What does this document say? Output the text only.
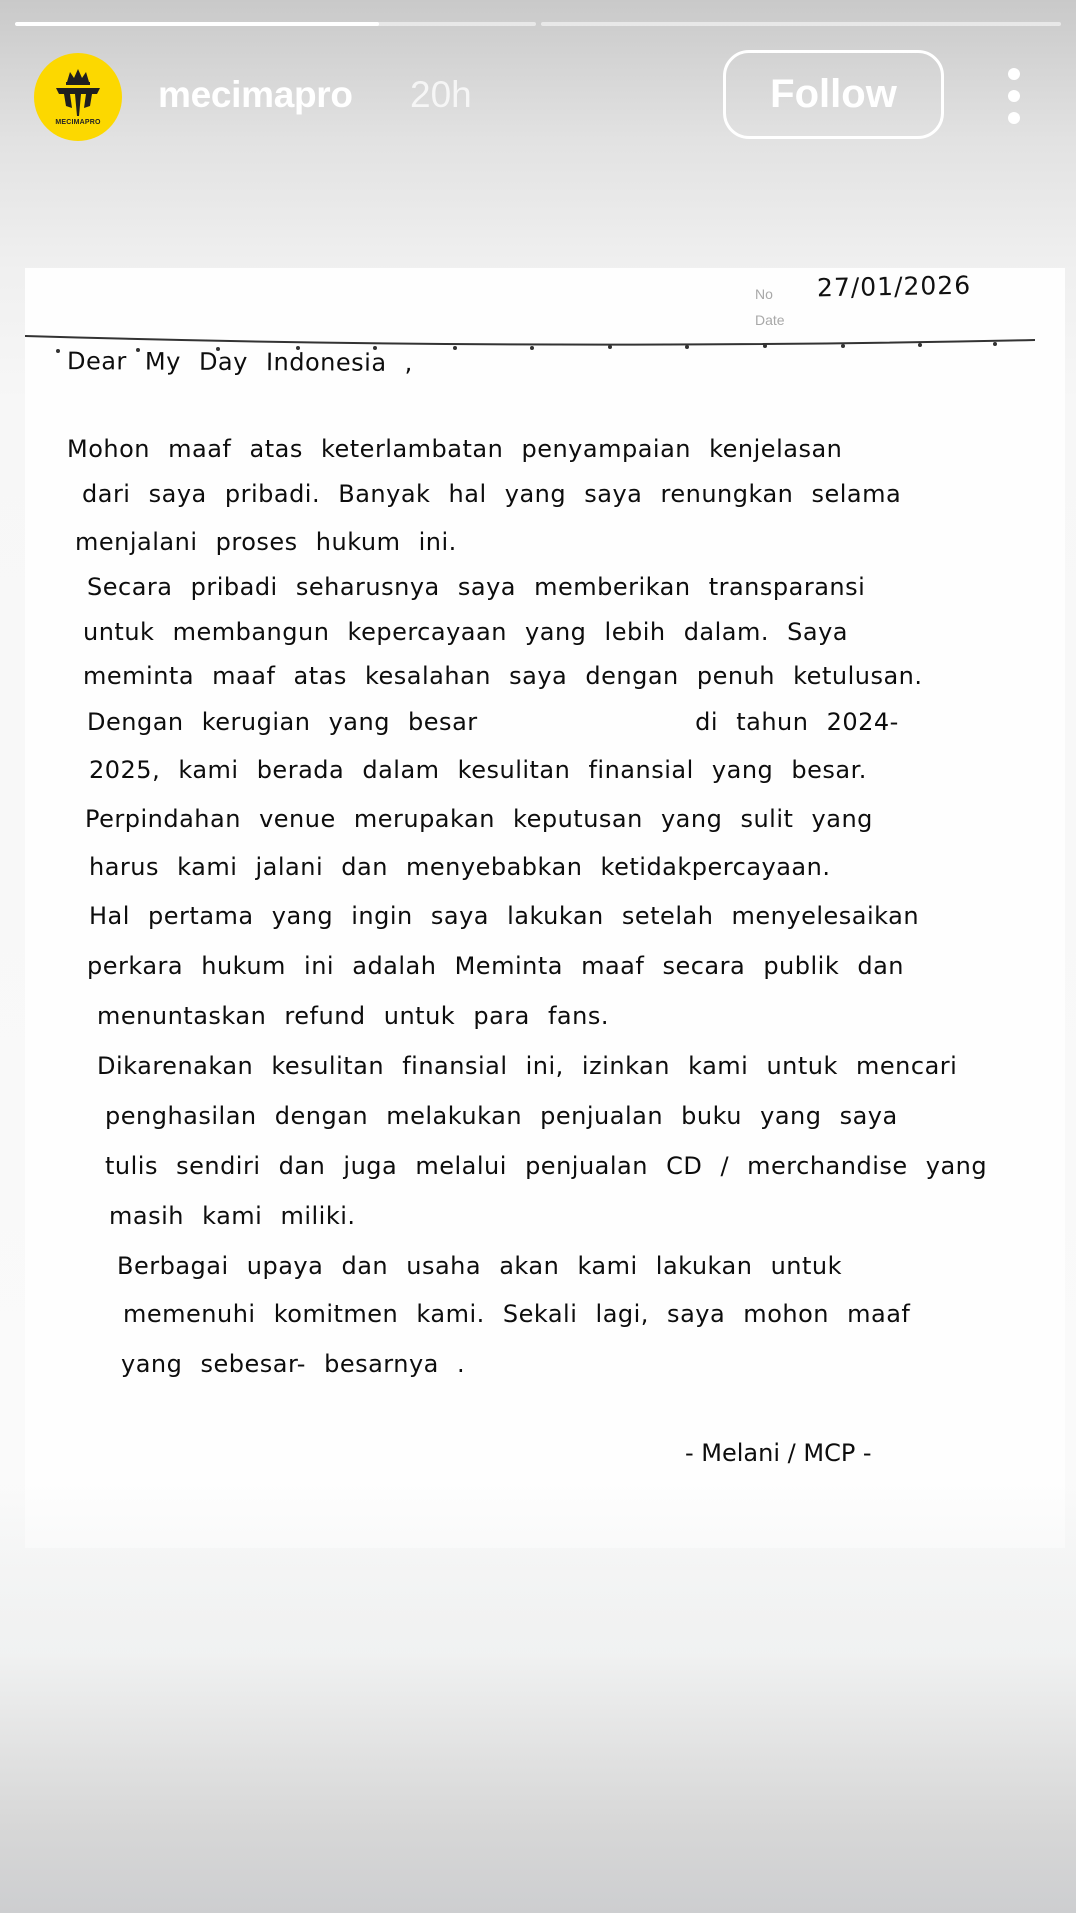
MECIMAPRO
mecimapro 20h	Follow
No
Date
27/01/2026
Dear My Day Indonesia ,
Mohon maaf atas keterlambatan penyampaian kenjelasan
dari saya pribadi. Banyak hal yang saya renungkan selama
menjalani proses hukum ini.
Secara pribadi seharusnya saya memberikan transparansi
untuk membangun kepercayaan yang lebih dalam. Saya
meminta maaf atas kesalahan saya dengan penuh ketulusan.
Dengan kerugian yang besar            di tahun 2024-
2025, kami berada dalam kesulitan finansial yang besar.
Perpindahan venue merupakan keputusan yang sulit yang
harus kami jalani dan menyebabkan ketidakpercayaan.
Hal pertama yang ingin saya lakukan setelah menyelesaikan
perkara hukum ini adalah Meminta maaf secara publik dan
menuntaskan refund untuk para fans.
Dikarenakan kesulitan finansial ini, izinkan kami untuk mencari
penghasilan dengan melakukan penjualan buku yang saya
tulis sendiri dan juga melalui penjualan CD / merchandise yang
masih kami miliki.
Berbagai upaya dan usaha akan kami lakukan untuk
memenuhi komitmen kami. Sekali lagi, saya mohon maaf
yang sebesar- besarnya .
- Melani / MCP -
